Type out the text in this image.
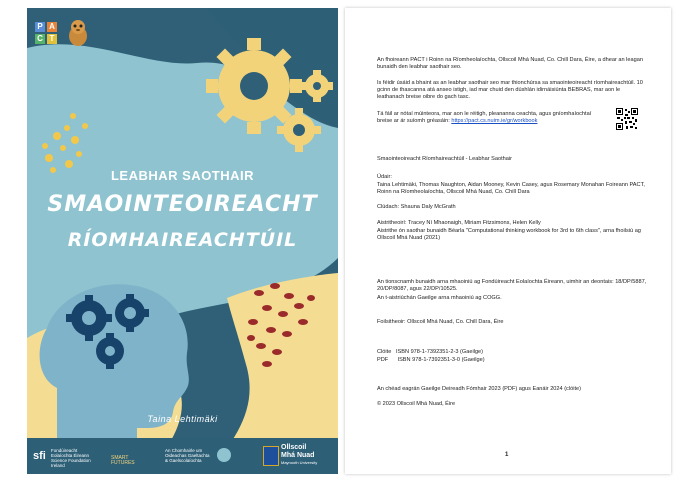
P A
C T
LEABHAR SAOTHAIR
SMAOINTEOIREACHT
RÍOMHAIREACHTÚIL
Taina Lehtimäki
sfi Fondúireacht Eolaíochta Éireann Science Foundation Ireland
SMART FUTURES
An Chomhairle um Oideachas Gaeltachta & Gaelscolaíochta
Ollscoil
Mhá Nuad
Maynooth University

An fhoireann PACT i Roinn na Ríomheolaíochta, Ollscoil Mhá Nuad, Co. Chill Dara, Éire, a dhear an leagan bunaidh den leabhar saothair seo.

Is féidir úsáid a bhaint as an leabhar saothair seo mar thionchúrsa sa smaointeoireacht ríomhaireachtúil. 10 gcinn de thascanna atá anseo istigh, iad mar chuid den dúshlán idirnáisiúnta BEBRAS, mar aon le leathanach breise oibre do gach tasc.

Tá fáil ar nótaí múinteora, mar aon le réitigh, pleananna ceachta, agus gníomhaíochtaí breise ar ár suíomh gréasáin: https://pact.cs.nuim.ie/gr/workbook

Smaointeoireacht Ríomhaireachtúil - Leabhar Saothair

Údair:

Taina Lehtimäki, Thomas Naughton, Aidan Mooney, Kevin Casey, agus Rosemary Monahan Foireann PACT, Roinn na Ríomheolaíochta, Ollscoil Mhá Nuad, Co. Chill Dara

Clúdach: Shauna Daly McGrath

Aistritheoirí: Tracey Ní Mhaonaigh, Miriam Fitzsimons, Helen Kelly

Aistrithe ón saothar bunaidh Béarla "Computational thinking workbook for 3rd to 6th class", arna fhoilsiú ag Ollscoil Mhá Nuad (2021)

An tionscnamh bunaidh arna mhaoiniú ag Fondúireacht Eolaíochta Éireann, uimhir an deontais: 18/DP/5887, 20/DP/8087, agus 22/DP/10525.

An t-aistriúchán Gaeilge arna mhaoiniú ag COGG.

Foilsitheoir: Ollscoil Mhá Nuad, Co. Chill Dara, Éire

Clóite   ISBN 978-1-7392351-2-3 (Gaeilge)

PDF      ISBN 978-1-7392351-3-0 (Gaeilge)

An chéad eagrán Gaeilge Deireadh Fómhair 2023 (PDF) agus Eanáir 2024 (clóite)

© 2023 Ollscoil Mhá Nuad, Éire

1
